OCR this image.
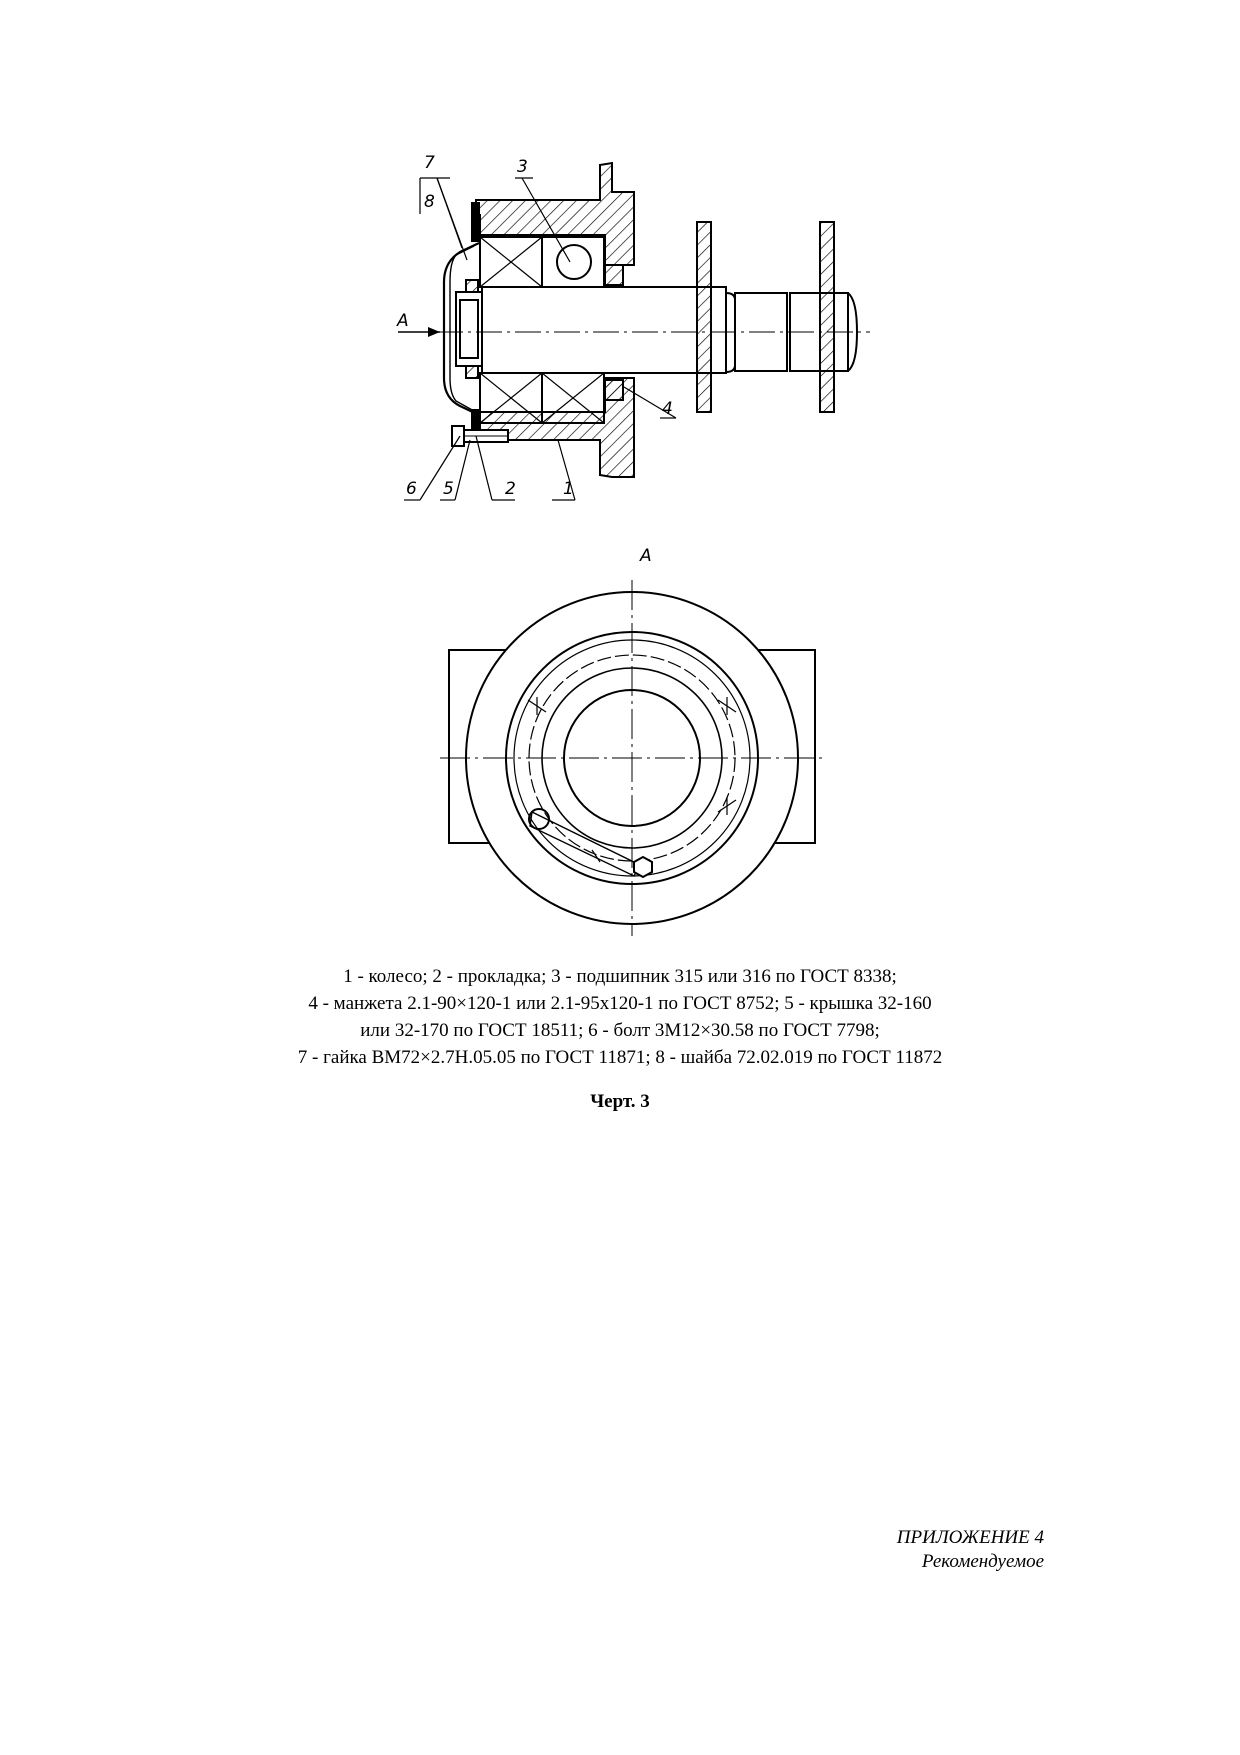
7
8
3
4
6 5	2	1
A
A
1 - колесо; 2 - прокладка; 3 - подшипник 315 или 316 по ГОСТ 8338;
4 - манжета 2.1-90×120-1 или 2.1-95х120-1 по ГОСТ 8752; 5 - крышка 32-160
или 32-170 по ГОСТ 18511; 6 - болт 3М12×30.58 по ГОСТ 7798;
7 - гайка ВМ72×2.7Н.05.05 по ГОСТ 11871; 8 - шайба 72.02.019 по ГОСТ 11872
Черт. 3
ПРИЛОЖЕНИЕ 4
Рекомендуемое
